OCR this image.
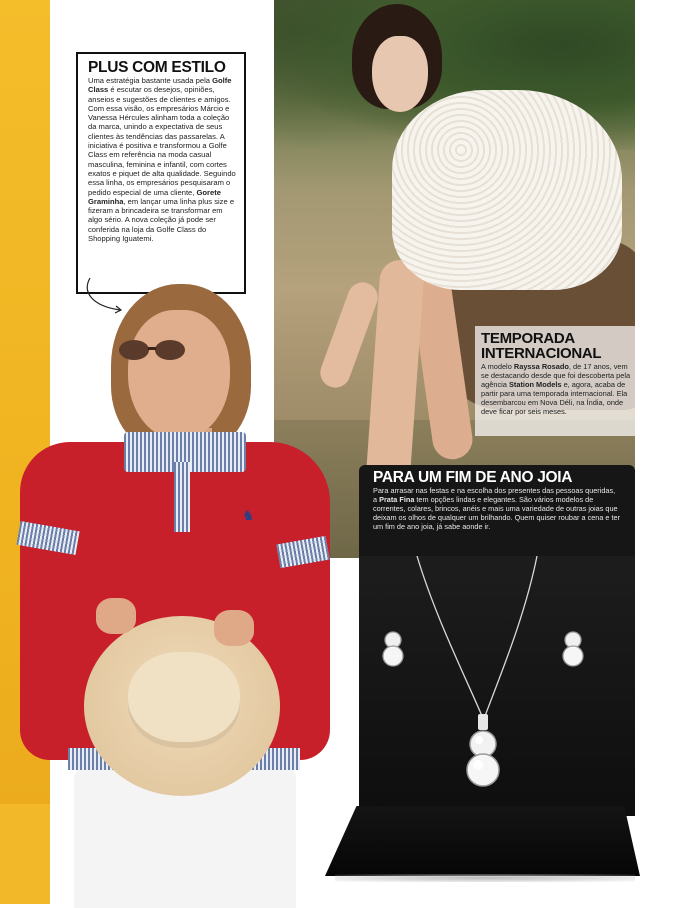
PLUS COM ESTILO

Uma estratégia bastante usada pela Golfe Class é escutar os desejos, opiniões, anseios e sugestões de clientes e amigos. Com essa visão, os empresários Márcio e Vanessa Hércules alinham toda a coleção da marca, unindo a expectativa de seus clientes às tendências das passarelas. A iniciativa é positiva e transformou a Golfe Class em referência na moda casual masculina, feminina e infantil, com cortes exatos e piquet de alta qualidade. Seguindo essa linha, os empresários pesquisaram o pedido especial de uma cliente, Gorete Graminha, em lançar uma linha plus size e fizeram a brincadeira se transformar em algo sério. A nova coleção já pode ser conferida na loja da Golfe Class do Shopping Iguatemi.

TEMPORADA
INTERNACIONAL

A modelo Rayssa Rosado, de 17 anos, vem se destacando desde que foi descoberta pela agência Station Models e, agora, acaba de partir para uma temporada internacional. Ela desembarcou em Nova Déli, na Índia, onde deve ficar por seis meses.

♞
PARA UM FIM DE ANO JOIA

Para arrasar nas festas e na escolha dos presentes das pessoas queridas, a Prata Fina tem opções lindas e elegantes. São vários modelos de correntes, colares, brincos, anéis e mais uma variedade de outras joias que deixam os olhos de qualquer um brilhando. Quem quiser roubar a cena e ter um fim de ano joia, já sabe aonde ir.
